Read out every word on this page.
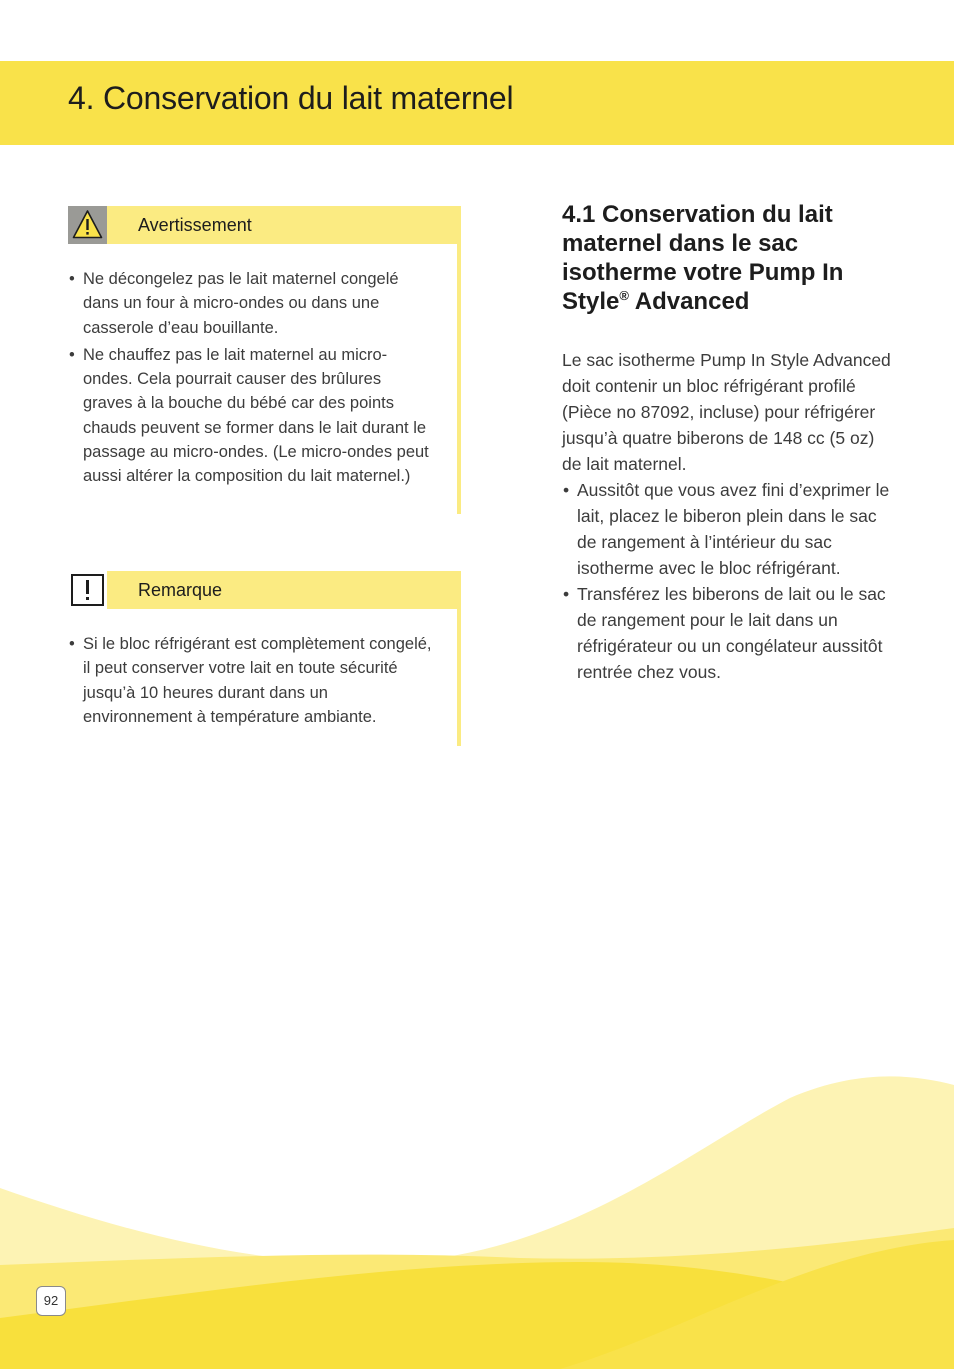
4. Conservation du lait maternel
Avertissement
• Ne décongelez pas le lait maternel congelé dans un four à micro-ondes ou dans une casserole d’eau bouillante.
• Ne chauffez pas le lait maternel au micro-ondes. Cela pourrait causer des brûlures graves à la bouche du bébé car des points chauds peuvent se former dans le lait durant le passage au micro-ondes. (Le micro-ondes peut aussi altérer la composition du lait maternel.)
Remarque
• Si le bloc réfrigérant est complètement congelé, il peut conserver votre lait en toute sécurité jusqu’à 10 heures durant dans un environnement à température ambiante.
4.1 Conservation du lait maternel dans le sac isotherme votre Pump In Style® Advanced

Le sac isotherme Pump In Style Advanced doit contenir un bloc réfrigérant profilé (Pièce no 87092, incluse) pour réfrigérer jusqu’à quatre biberons de 148 cc (5 oz) de lait maternel.

• Aussitôt que vous avez fini d’exprimer le lait, placez le biberon plein dans le sac de rangement à l’intérieur du sac isotherme avec le bloc réfrigérant.
• Transférez les biberons de lait ou le sac de rangement pour le lait dans un réfrigérateur ou un congélateur aussitôt rentrée chez vous.
92
